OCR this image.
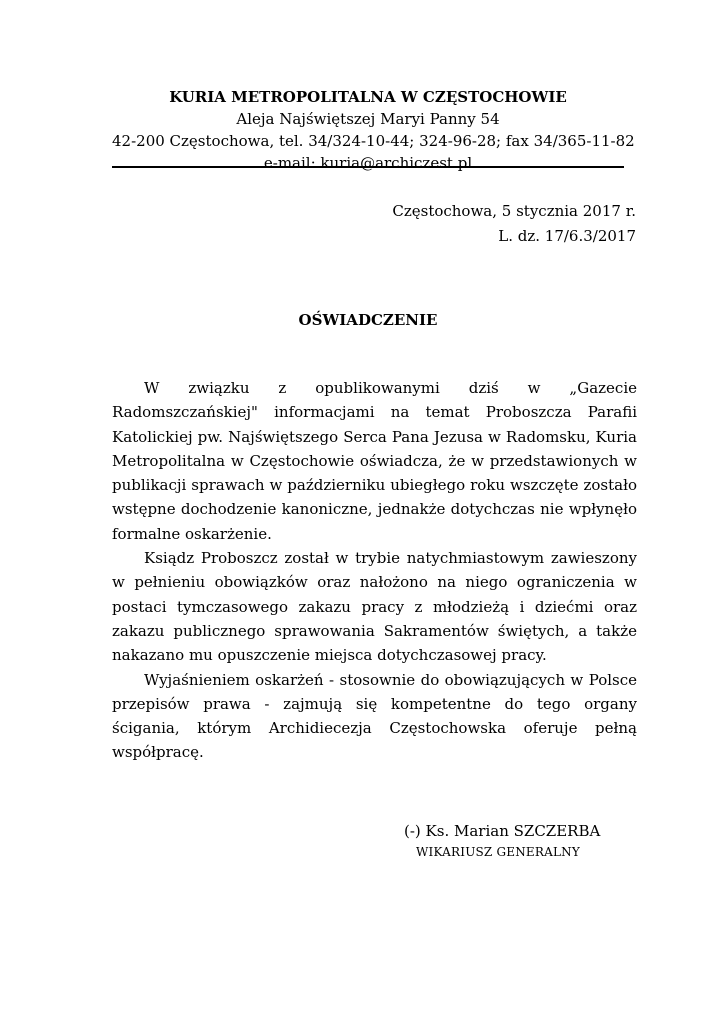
KURIA METROPOLITALNA W CZĘSTOCHOWIE
Aleja Najświętszej Maryi Panny 54
42-200 Częstochowa, tel. 34/324-10-44; 324-96-28; fax 34/365-11-82
e-mail: kuria@archiczest.pl
Częstochowa, 5 stycznia 2017 r.
L. dz. 17/6.3/2017
OŚWIADCZENIE

W związku z opublikowanymi dziś w „Gazecie Radomszczańskiej" informacjami na temat Proboszcza Parafii Katolickiej pw. Najświętszego Serca Pana Jezusa w Radomsku, Kuria Metropolitalna w Częstochowie oświadcza, że w przedstawionych w publikacji sprawach w październiku ubiegłego roku wszczęte zostało wstępne dochodzenie kanoniczne, jednakże dotychczas nie wpłynęło formalne oskarżenie.

Ksiądz Proboszcz został w trybie natychmiastowym zawieszony w pełnieniu obowiązków oraz nałożono na niego ograniczenia w postaci tymczasowego zakazu pracy z młodzieżą i dziećmi oraz zakazu publicznego sprawowania Sakramentów świętych, a także nakazano mu opuszczenie miejsca dotychczasowej pracy.

Wyjaśnieniem oskarżeń - stosownie do obowiązujących w Polsce przepisów prawa - zajmują się kompetentne do tego organy ścigania, którym Archidiecezja Częstochowska oferuje pełną współpracę.

(-) Ks. Marian SZCZERBA
WIKARIUSZ GENERALNY
